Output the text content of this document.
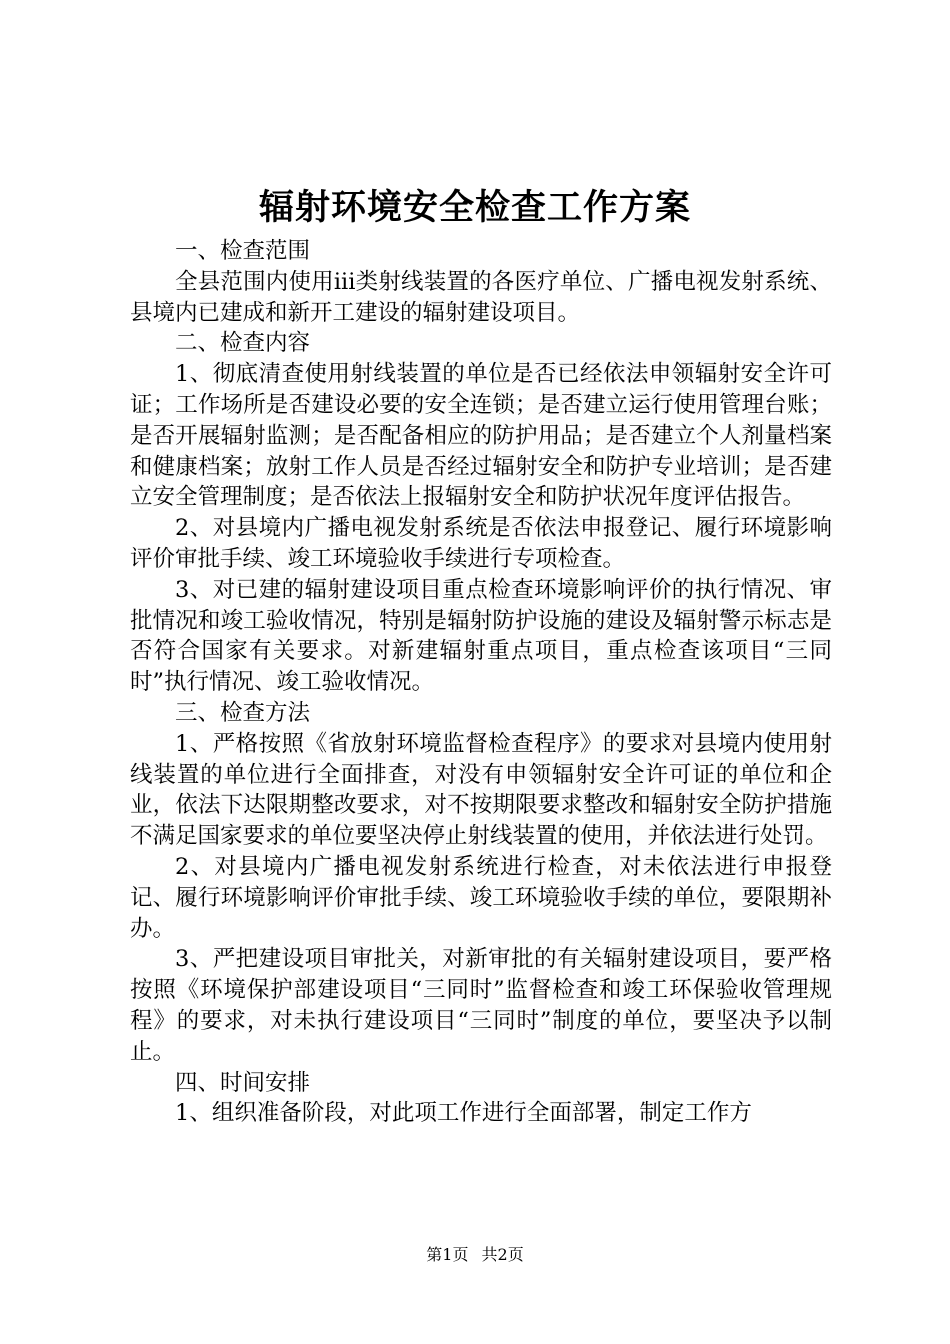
辐射环境安全检查工作方案

一、检查范围

全县范围内使用iii类射线装置的各医疗单位、广播电视发射系统、县境内已建成和新开工建设的辐射建设项目。

二、检查内容

1、彻底清查使用射线装置的单位是否已经依法申领辐射安全许可证；工作场所是否建设必要的安全连锁；是否建立运行使用管理台账；是否开展辐射监测；是否配备相应的防护用品；是否建立个人剂量档案和健康档案；放射工作人员是否经过辐射安全和防护专业培训；是否建立安全管理制度；是否依法上报辐射安全和防护状况年度评估报告。

2、对县境内广播电视发射系统是否依法申报登记、履行环境影响评价审批手续、竣工环境验收手续进行专项检查。

3、对已建的辐射建设项目重点检查环境影响评价的执行情况、审批情况和竣工验收情况，特别是辐射防护设施的建设及辐射警示标志是否符合国家有关要求。对新建辐射重点项目，重点检查该项目“三同时”执行情况、竣工验收情况。

三、检查方法

1、严格按照《省放射环境监督检查程序》的要求对县境内使用射线装置的单位进行全面排查，对没有申领辐射安全许可证的单位和企业，依法下达限期整改要求，对不按期限要求整改和辐射安全防护措施不满足国家要求的单位要坚决停止射线装置的使用，并依法进行处罚。

2、对县境内广播电视发射系统进行检查，对未依法进行申报登记、履行环境影响评价审批手续、竣工环境验收手续的单位，要限期补办。

3、严把建设项目审批关，对新审批的有关辐射建设项目，要严格按照《环境保护部建设项目“三同时”监督检查和竣工环保验收管理规程》的要求，对未执行建设项目“三同时”制度的单位，要坚决予以制止。

四、时间安排

1、组织准备阶段，对此项工作进行全面部署，制定工作方

第1页 共2页
